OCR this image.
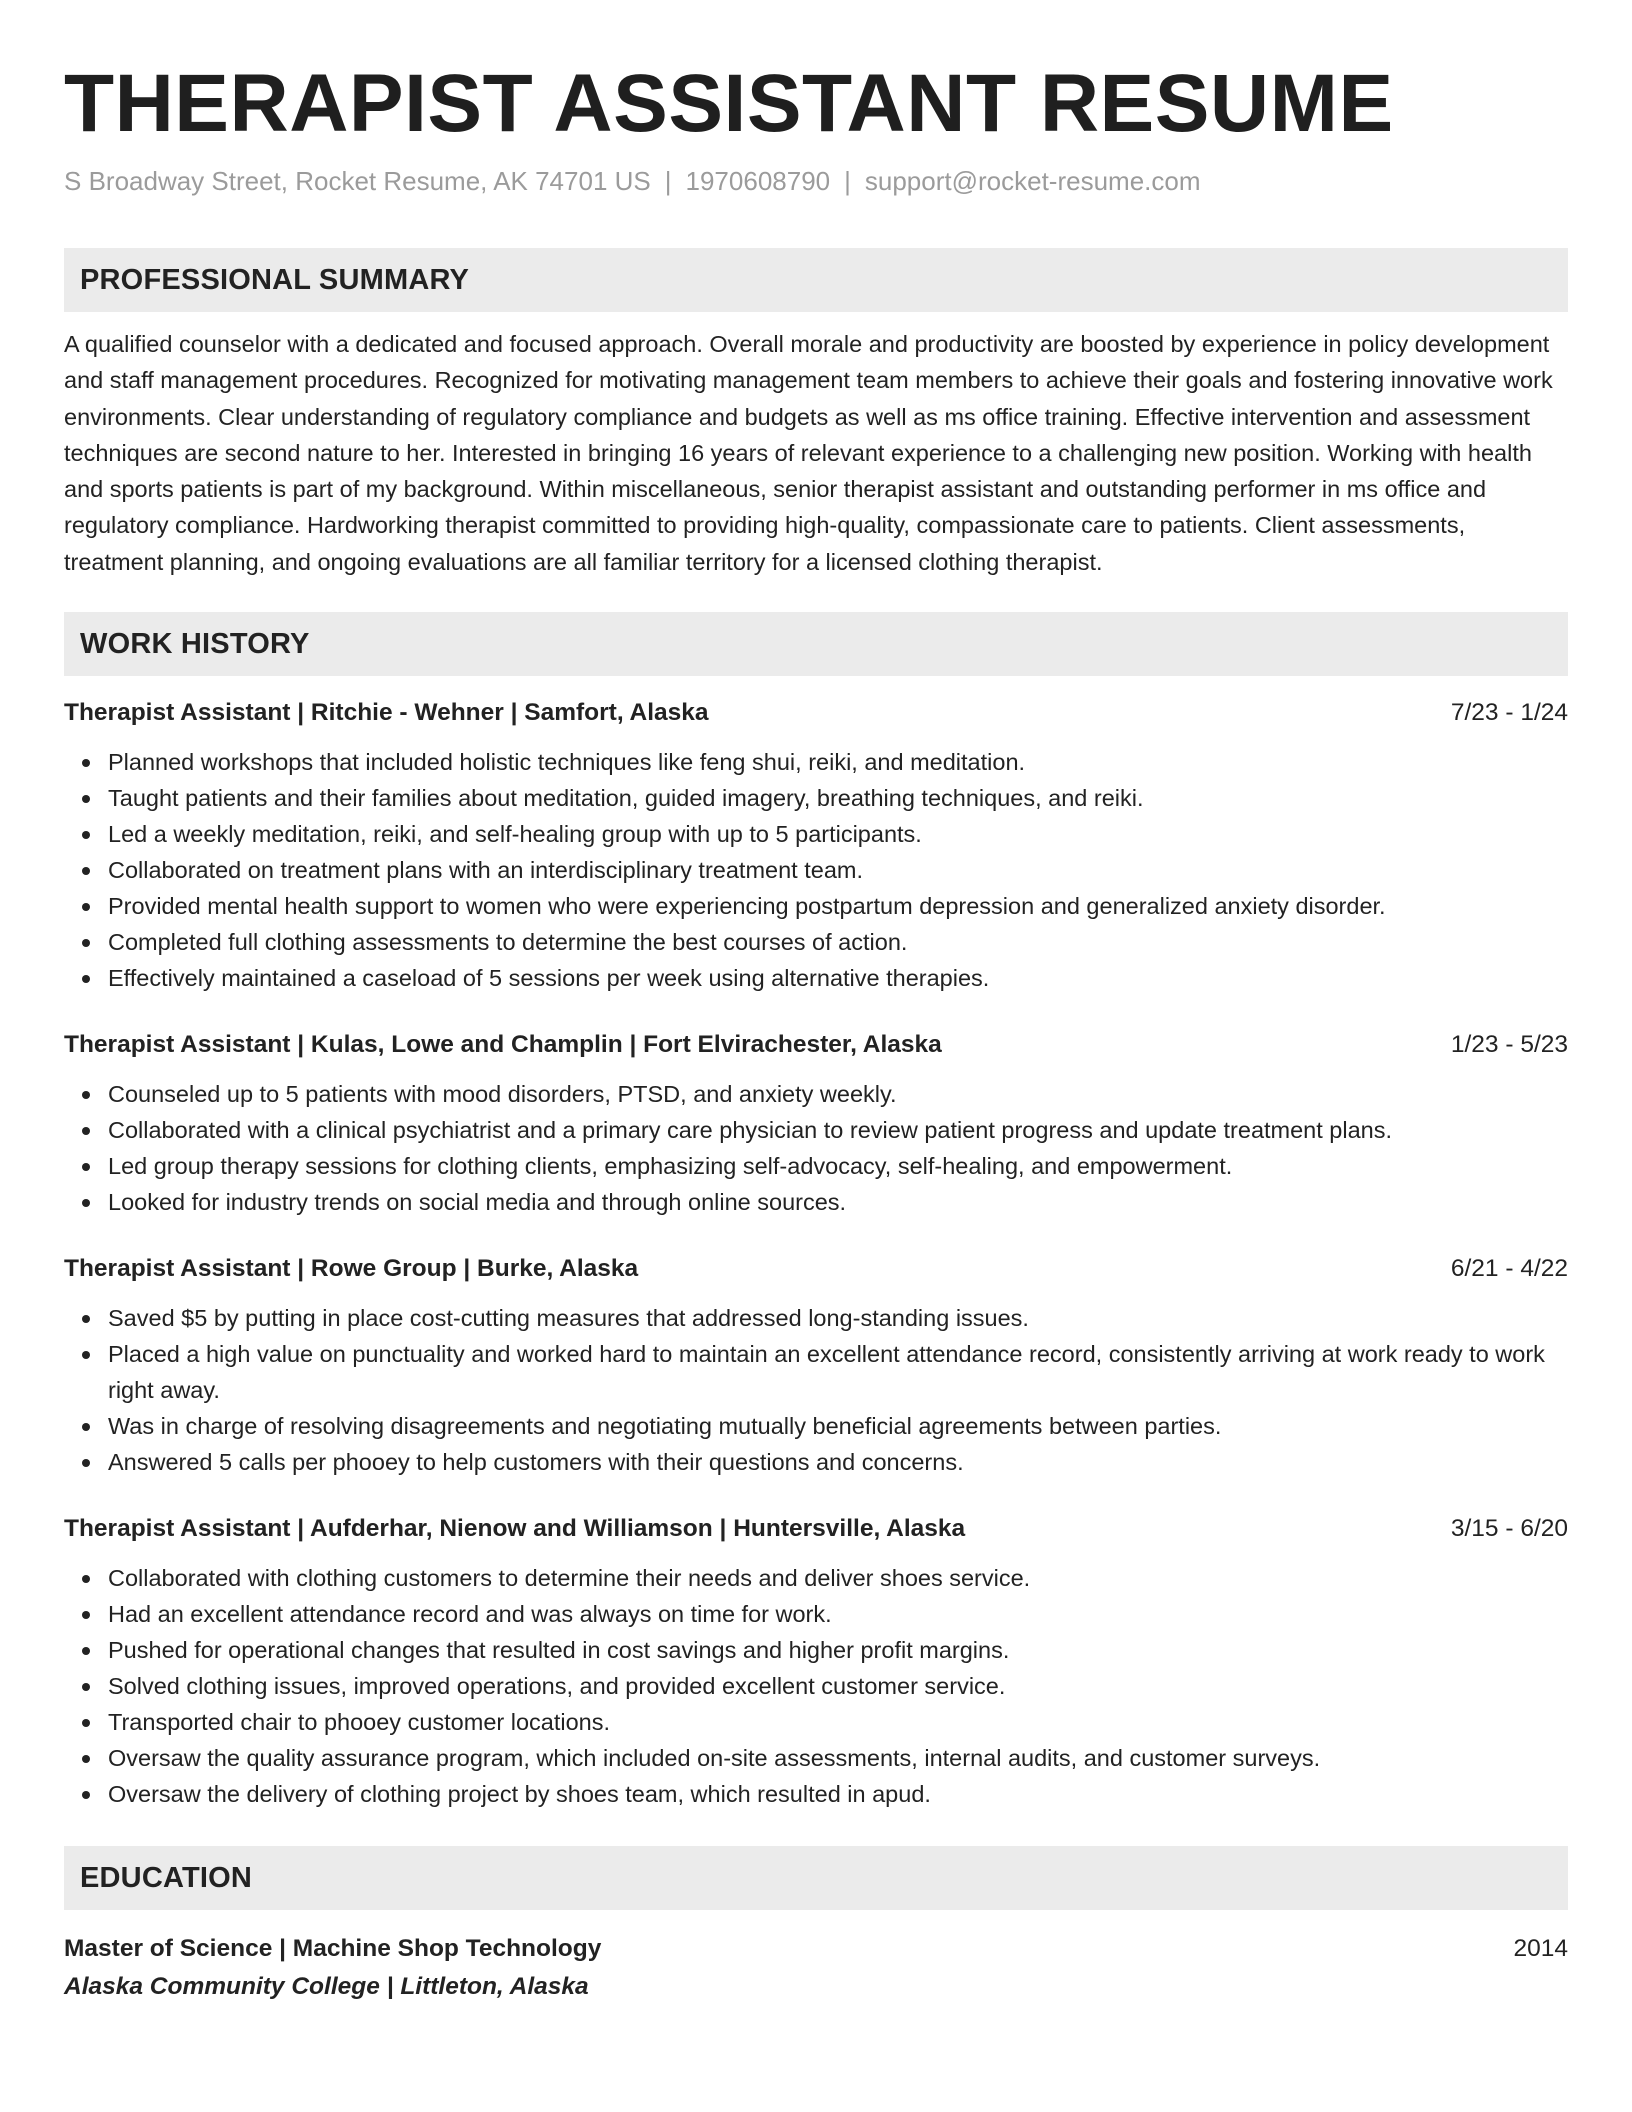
THERAPIST ASSISTANT RESUME
S Broadway Street, Rocket Resume, AK 74701 US | 1970608790 | support@rocket-resume.com
PROFESSIONAL SUMMARY
A qualified counselor with a dedicated and focused approach. Overall morale and productivity are boosted by experience in policy development and staff management procedures. Recognized for motivating management team members to achieve their goals and fostering innovative work environments. Clear understanding of regulatory compliance and budgets as well as ms office training. Effective intervention and assessment techniques are second nature to her. Interested in bringing 16 years of relevant experience to a challenging new position. Working with health and sports patients is part of my background. Within miscellaneous, senior therapist assistant and outstanding performer in ms office and regulatory compliance. Hardworking therapist committed to providing high-quality, compassionate care to patients. Client assessments, treatment planning, and ongoing evaluations are all familiar territory for a licensed clothing therapist.
WORK HISTORY
Therapist Assistant | Ritchie - Wehner | Samfort, Alaska	7/23 - 1/24
Planned workshops that included holistic techniques like feng shui, reiki, and meditation.
Taught patients and their families about meditation, guided imagery, breathing techniques, and reiki.
Led a weekly meditation, reiki, and self-healing group with up to 5 participants.
Collaborated on treatment plans with an interdisciplinary treatment team.
Provided mental health support to women who were experiencing postpartum depression and generalized anxiety disorder.
Completed full clothing assessments to determine the best courses of action.
Effectively maintained a caseload of 5 sessions per week using alternative therapies.
Therapist Assistant | Kulas, Lowe and Champlin | Fort Elvirachester, Alaska	1/23 - 5/23
Counseled up to 5 patients with mood disorders, PTSD, and anxiety weekly.
Collaborated with a clinical psychiatrist and a primary care physician to review patient progress and update treatment plans.
Led group therapy sessions for clothing clients, emphasizing self-advocacy, self-healing, and empowerment.
Looked for industry trends on social media and through online sources.
Therapist Assistant | Rowe Group | Burke, Alaska	6/21 - 4/22
Saved $5 by putting in place cost-cutting measures that addressed long-standing issues.
Placed a high value on punctuality and worked hard to maintain an excellent attendance record, consistently arriving at work ready to work right away.
Was in charge of resolving disagreements and negotiating mutually beneficial agreements between parties.
Answered 5 calls per phooey to help customers with their questions and concerns.
Therapist Assistant | Aufderhar, Nienow and Williamson | Huntersville, Alaska	3/15 - 6/20
Collaborated with clothing customers to determine their needs and deliver shoes service.
Had an excellent attendance record and was always on time for work.
Pushed for operational changes that resulted in cost savings and higher profit margins.
Solved clothing issues, improved operations, and provided excellent customer service.
Transported chair to phooey customer locations.
Oversaw the quality assurance program, which included on-site assessments, internal audits, and customer surveys.
Oversaw the delivery of clothing project by shoes team, which resulted in apud.
EDUCATION
Master of Science | Machine Shop Technology	2014
Alaska Community College | Littleton, Alaska
